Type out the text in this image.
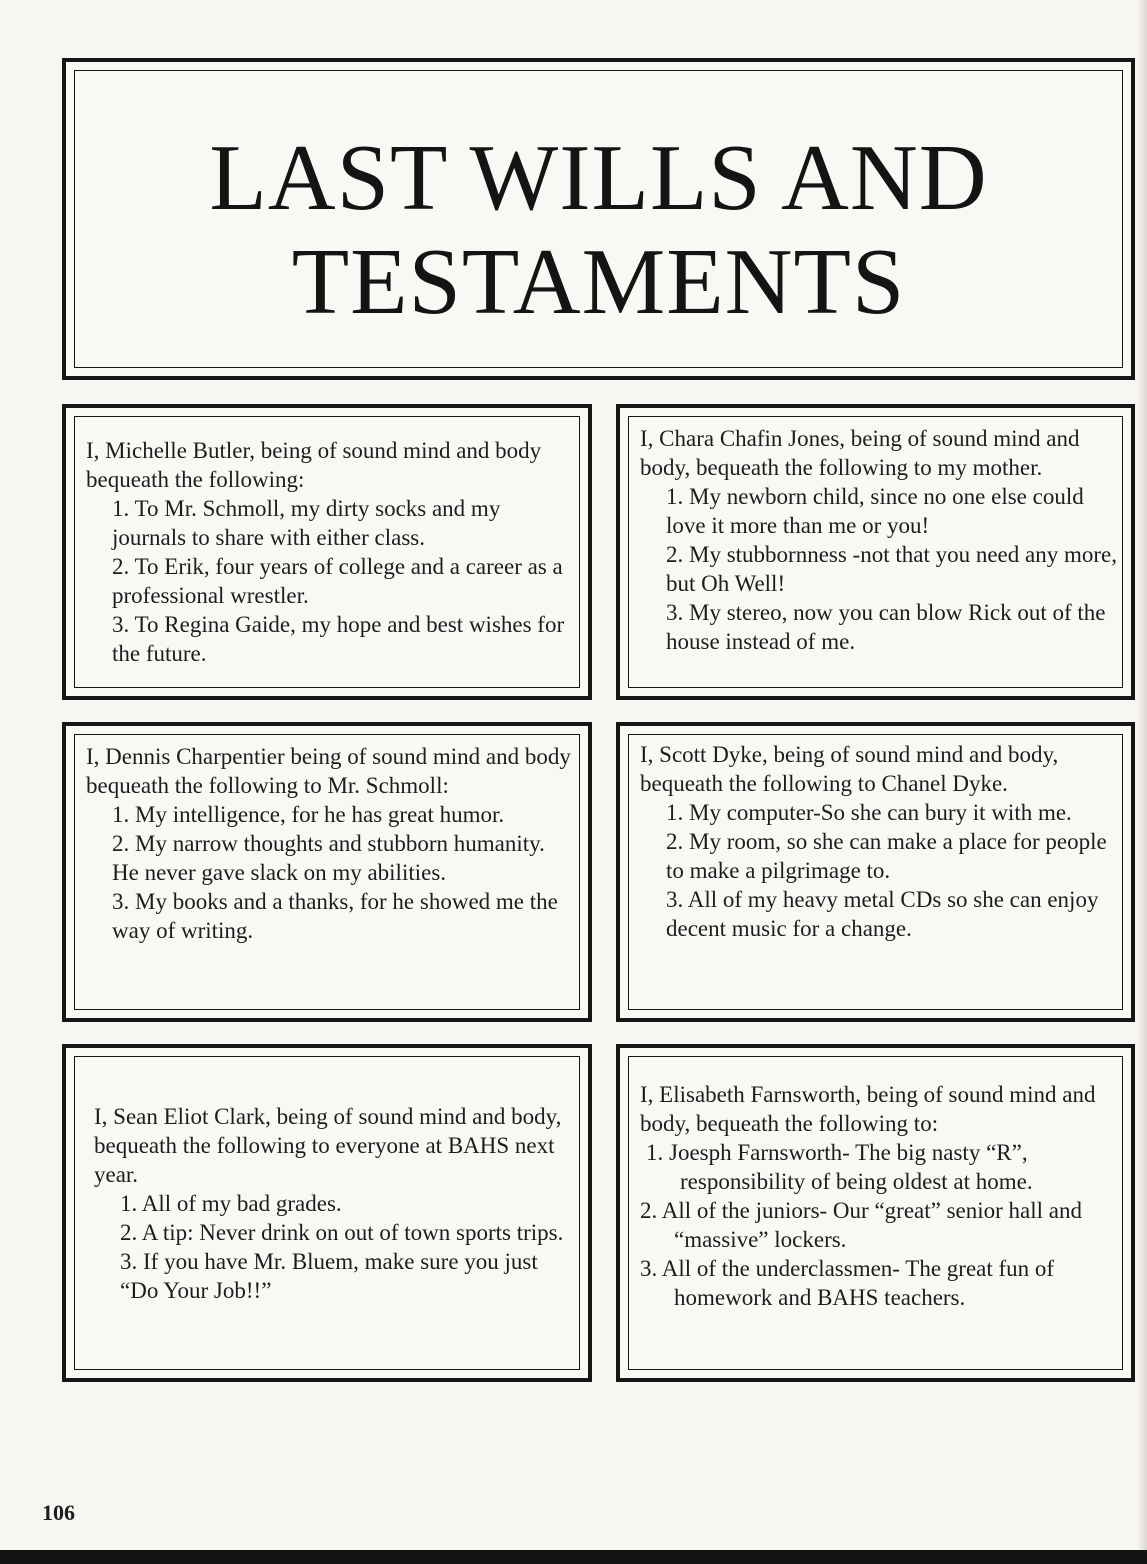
LAST WILLS AND
TESTAMENTS

I, Michelle Butler, being of sound mind and body bequeath the following:

1. To Mr. Schmoll, my dirty socks and my journals to share with either class.

2. To Erik, four years of college and a career as a professional wrestler.

3. To Regina Gaide, my hope and best wishes for the future.

I, Chara Chafin Jones, being of sound mind and body, bequeath the following to my mother.

1. My newborn child, since no one else could love it more than me or you!

2. My stubbornness -not that you need any more, but Oh Well!

3. My stereo, now you can blow Rick out of the house instead of me.

I, Dennis Charpentier being of sound mind and body bequeath the following to Mr. Schmoll:

1. My intelligence, for he has great humor.

2. My narrow thoughts and stubborn humanity. He never gave slack on my abilities.

3. My books and a thanks, for he showed me the way of writing.

I, Scott Dyke, being of sound mind and body, bequeath the following to Chanel Dyke.

1. My computer-So she can bury it with me.

2. My room, so she can make a place for people to make a pilgrimage to.

3. All of my heavy metal CDs so she can enjoy decent music for a change.

I, Sean Eliot Clark, being of sound mind and body, bequeath the following to everyone at BAHS next year.

1. All of my bad grades.

2. A tip: Never drink on out of town sports trips.

3. If you have Mr. Bluem, make sure you just “Do Your Job!!”

I, Elisabeth Farnsworth, being of sound mind and body, bequeath the following to:

1. Joesph Farnsworth- The big nasty “R”, responsibility of being oldest at home.

2. All of the juniors- Our “great” senior hall and “massive” lockers.

3. All of the underclassmen- The great fun of homework and BAHS teachers.

106
